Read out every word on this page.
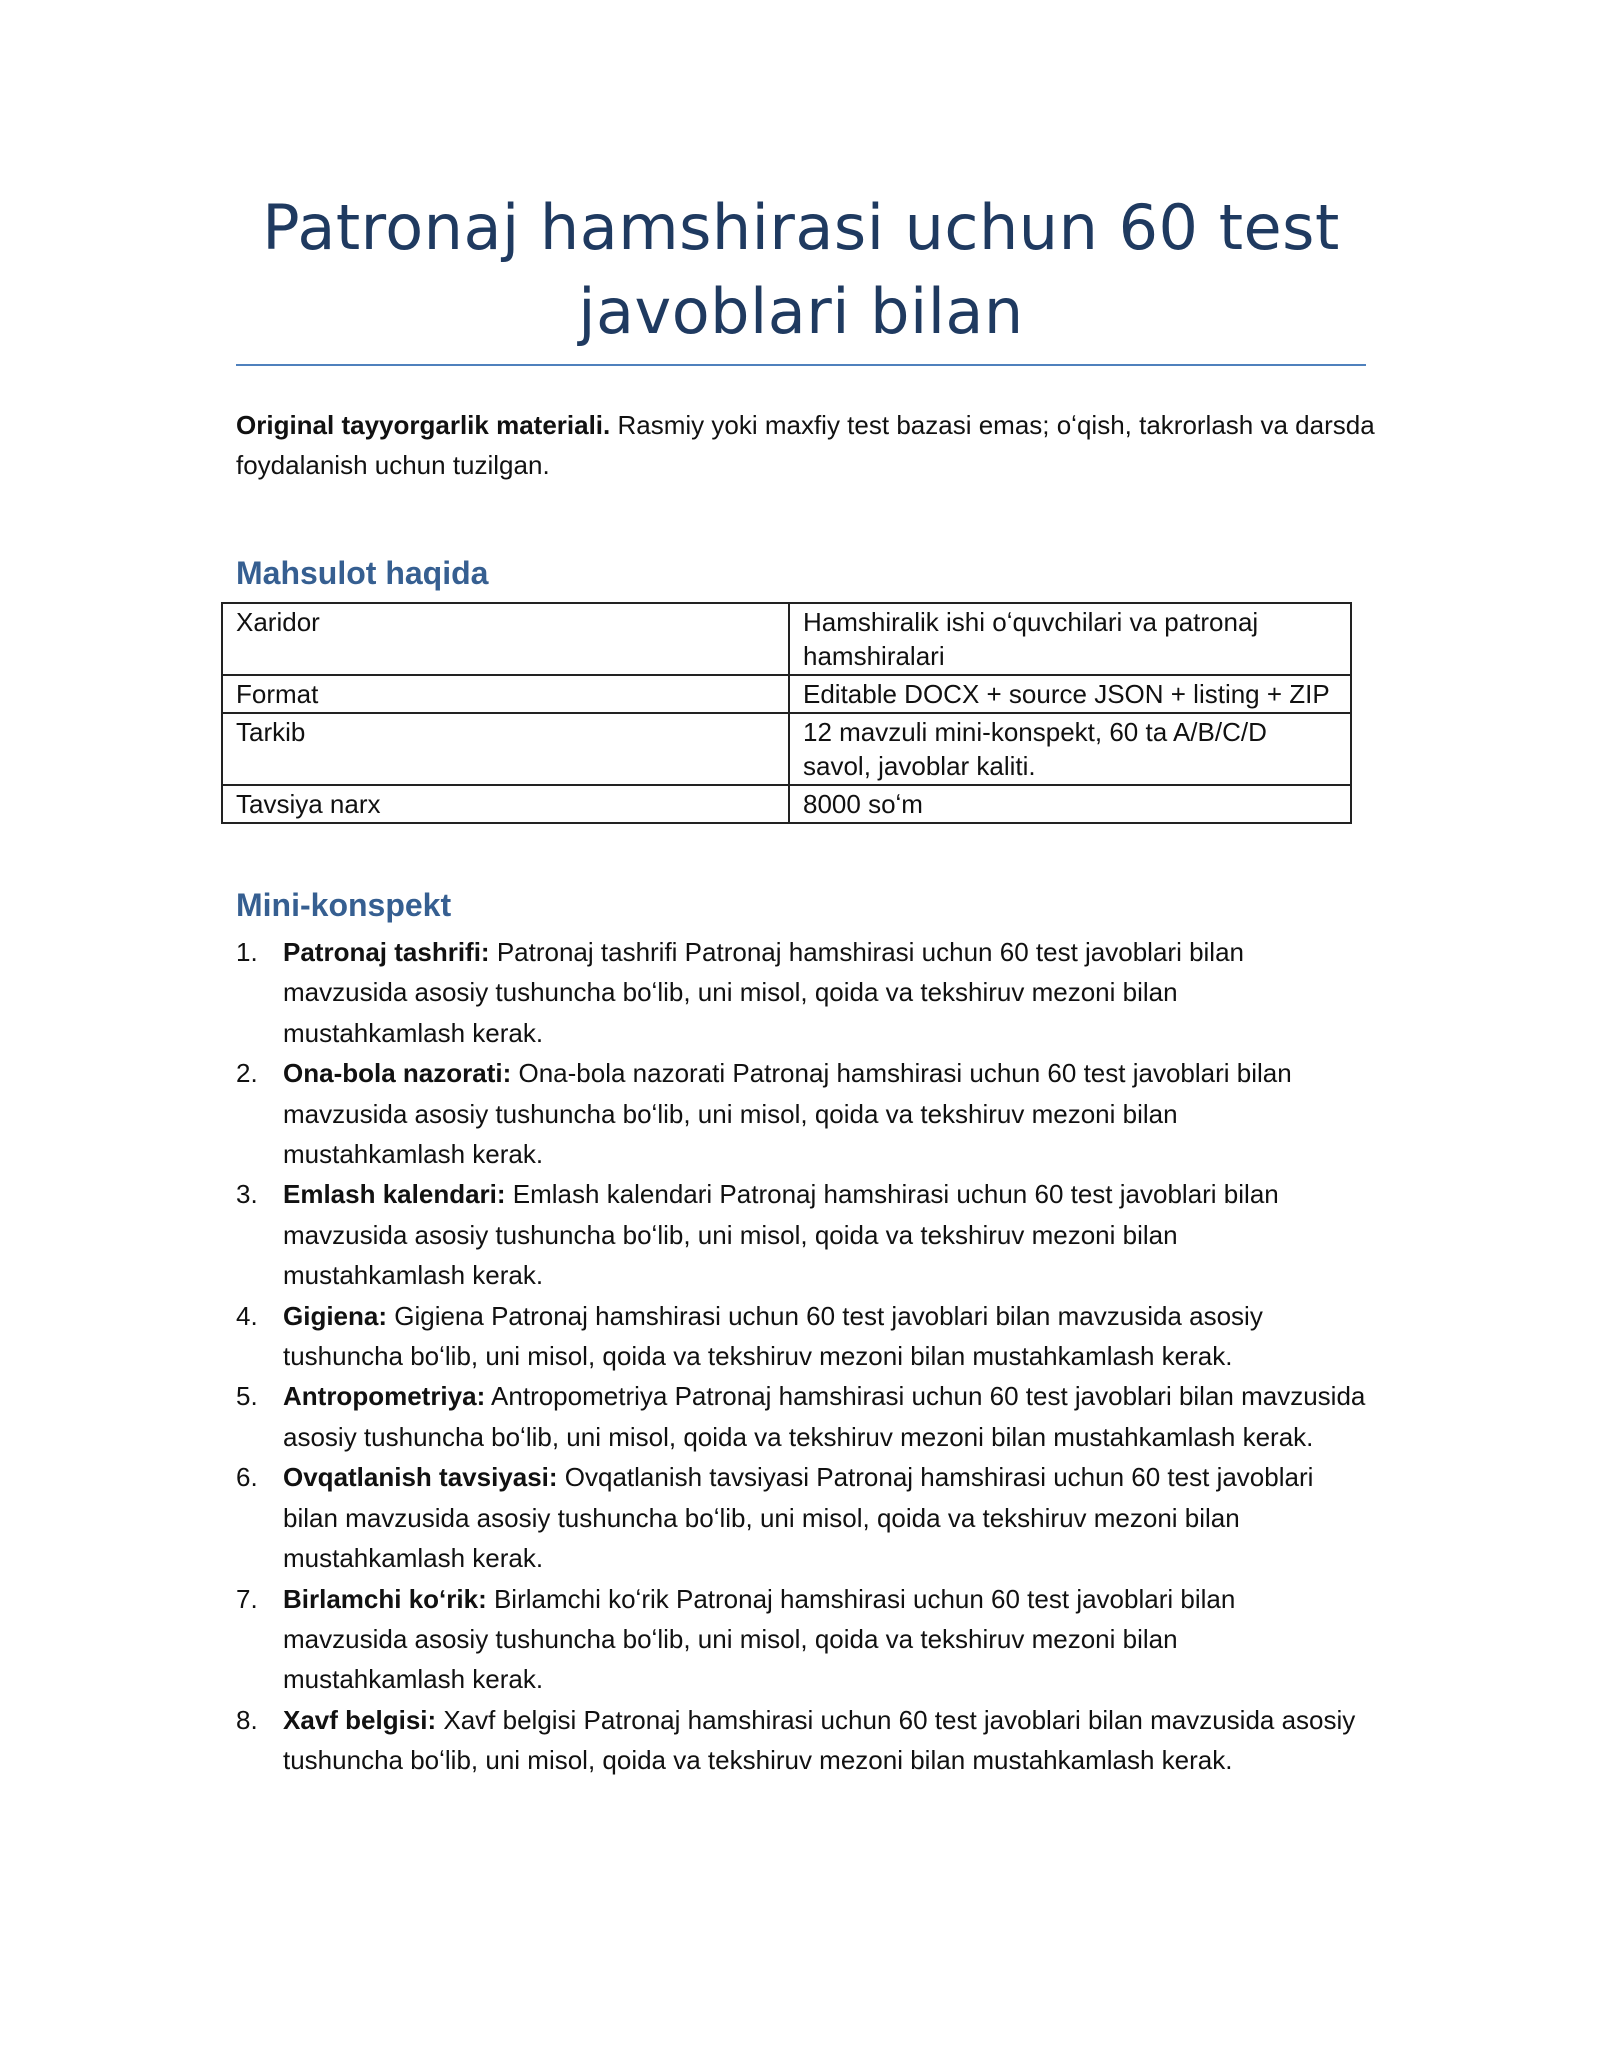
Patronaj hamshirasi uchun 60 test
javoblari bilan

Original tayyorgarlik materiali. Rasmiy yoki maxfiy test bazasi emas; oʻqish, takrorlash va darsda foydalanish uchun tuzilgan.

Mahsulot haqida
Xaridor	Hamshiralik ishi oʻquvchilari va patronaj hamshiralari
Format	Editable DOCX + source JSON + listing + ZIP
Tarkib	12 mavzuli mini-konspekt, 60 ta A/B/C/D savol, javoblar kaliti.
Tavsiya narx	8000 soʻm
Mini-konspekt
1. Patronaj tashrifi: Patronaj tashrifi Patronaj hamshirasi uchun 60 test javoblari bilan mavzusida asosiy tushuncha boʻlib, uni misol, qoida va tekshiruv mezoni bilan mustahkamlash kerak.
2. Ona-bola nazorati: Ona-bola nazorati Patronaj hamshirasi uchun 60 test javoblari bilan mavzusida asosiy tushuncha boʻlib, uni misol, qoida va tekshiruv mezoni bilan mustahkamlash kerak.
3. Emlash kalendari: Emlash kalendari Patronaj hamshirasi uchun 60 test javoblari bilan mavzusida asosiy tushuncha boʻlib, uni misol, qoida va tekshiruv mezoni bilan mustahkamlash kerak.
4. Gigiena: Gigiena Patronaj hamshirasi uchun 60 test javoblari bilan mavzusida asosiy tushuncha boʻlib, uni misol, qoida va tekshiruv mezoni bilan mustahkamlash kerak.
5. Antropometriya: Antropometriya Patronaj hamshirasi uchun 60 test javoblari bilan mavzusida asosiy tushuncha boʻlib, uni misol, qoida va tekshiruv mezoni bilan mustahkamlash kerak.
6. Ovqatlanish tavsiyasi: Ovqatlanish tavsiyasi Patronaj hamshirasi uchun 60 test javoblari bilan mavzusida asosiy tushuncha boʻlib, uni misol, qoida va tekshiruv mezoni bilan mustahkamlash kerak.
7. Birlamchi koʻrik: Birlamchi koʻrik Patronaj hamshirasi uchun 60 test javoblari bilan mavzusida asosiy tushuncha boʻlib, uni misol, qoida va tekshiruv mezoni bilan mustahkamlash kerak.
8. Xavf belgisi: Xavf belgisi Patronaj hamshirasi uchun 60 test javoblari bilan mavzusida asosiy tushuncha boʻlib, uni misol, qoida va tekshiruv mezoni bilan mustahkamlash kerak.
